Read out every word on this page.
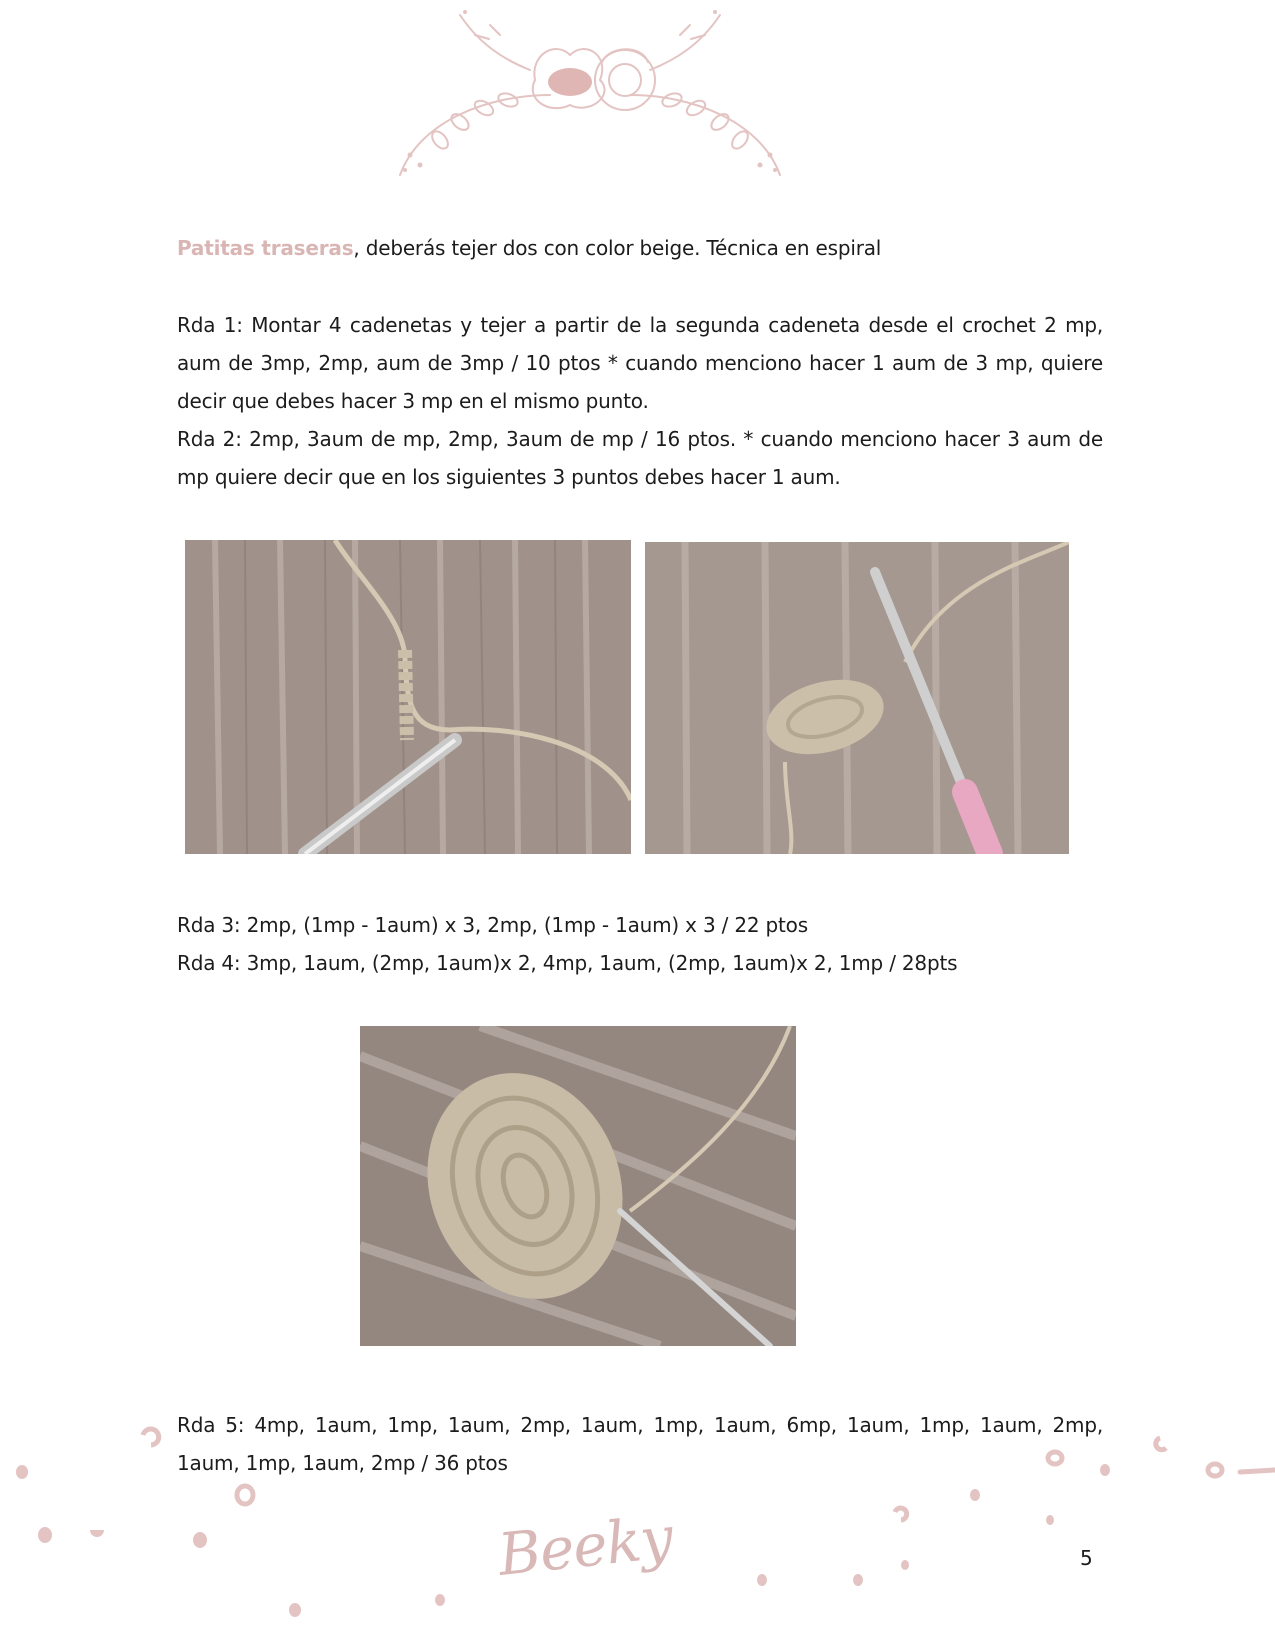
Patitas traseras, deberás tejer dos con color beige. Técnica en espiral

Rda 1: Montar 4 cadenetas y tejer a partir de la segunda cadeneta desde el crochet 2 mp, aum de 3mp, 2mp, aum de 3mp / 10 ptos * cuando menciono hacer 1 aum de 3 mp, quiere decir que debes hacer 3 mp en el mismo punto.

Rda 2: 2mp, 3aum de mp, 2mp, 3aum de mp / 16 ptos. * cuando menciono hacer 3 aum de mp quiere decir que en los siguientes 3 puntos debes hacer 1 aum.

Rda 3: 2mp, (1mp - 1aum) x 3, 2mp, (1mp - 1aum) x 3 / 22 ptos

Rda 4: 3mp, 1aum, (2mp, 1aum)x 2, 4mp, 1aum, (2mp, 1aum)x 2, 1mp / 28pts

Rda 5: 4mp, 1aum, 1mp, 1aum, 2mp, 1aum, 1mp, 1aum, 6mp, 1aum, 1mp, 1aum, 2mp, 1aum, 1mp, 1aum, 2mp / 36 ptos

Beeky	5
